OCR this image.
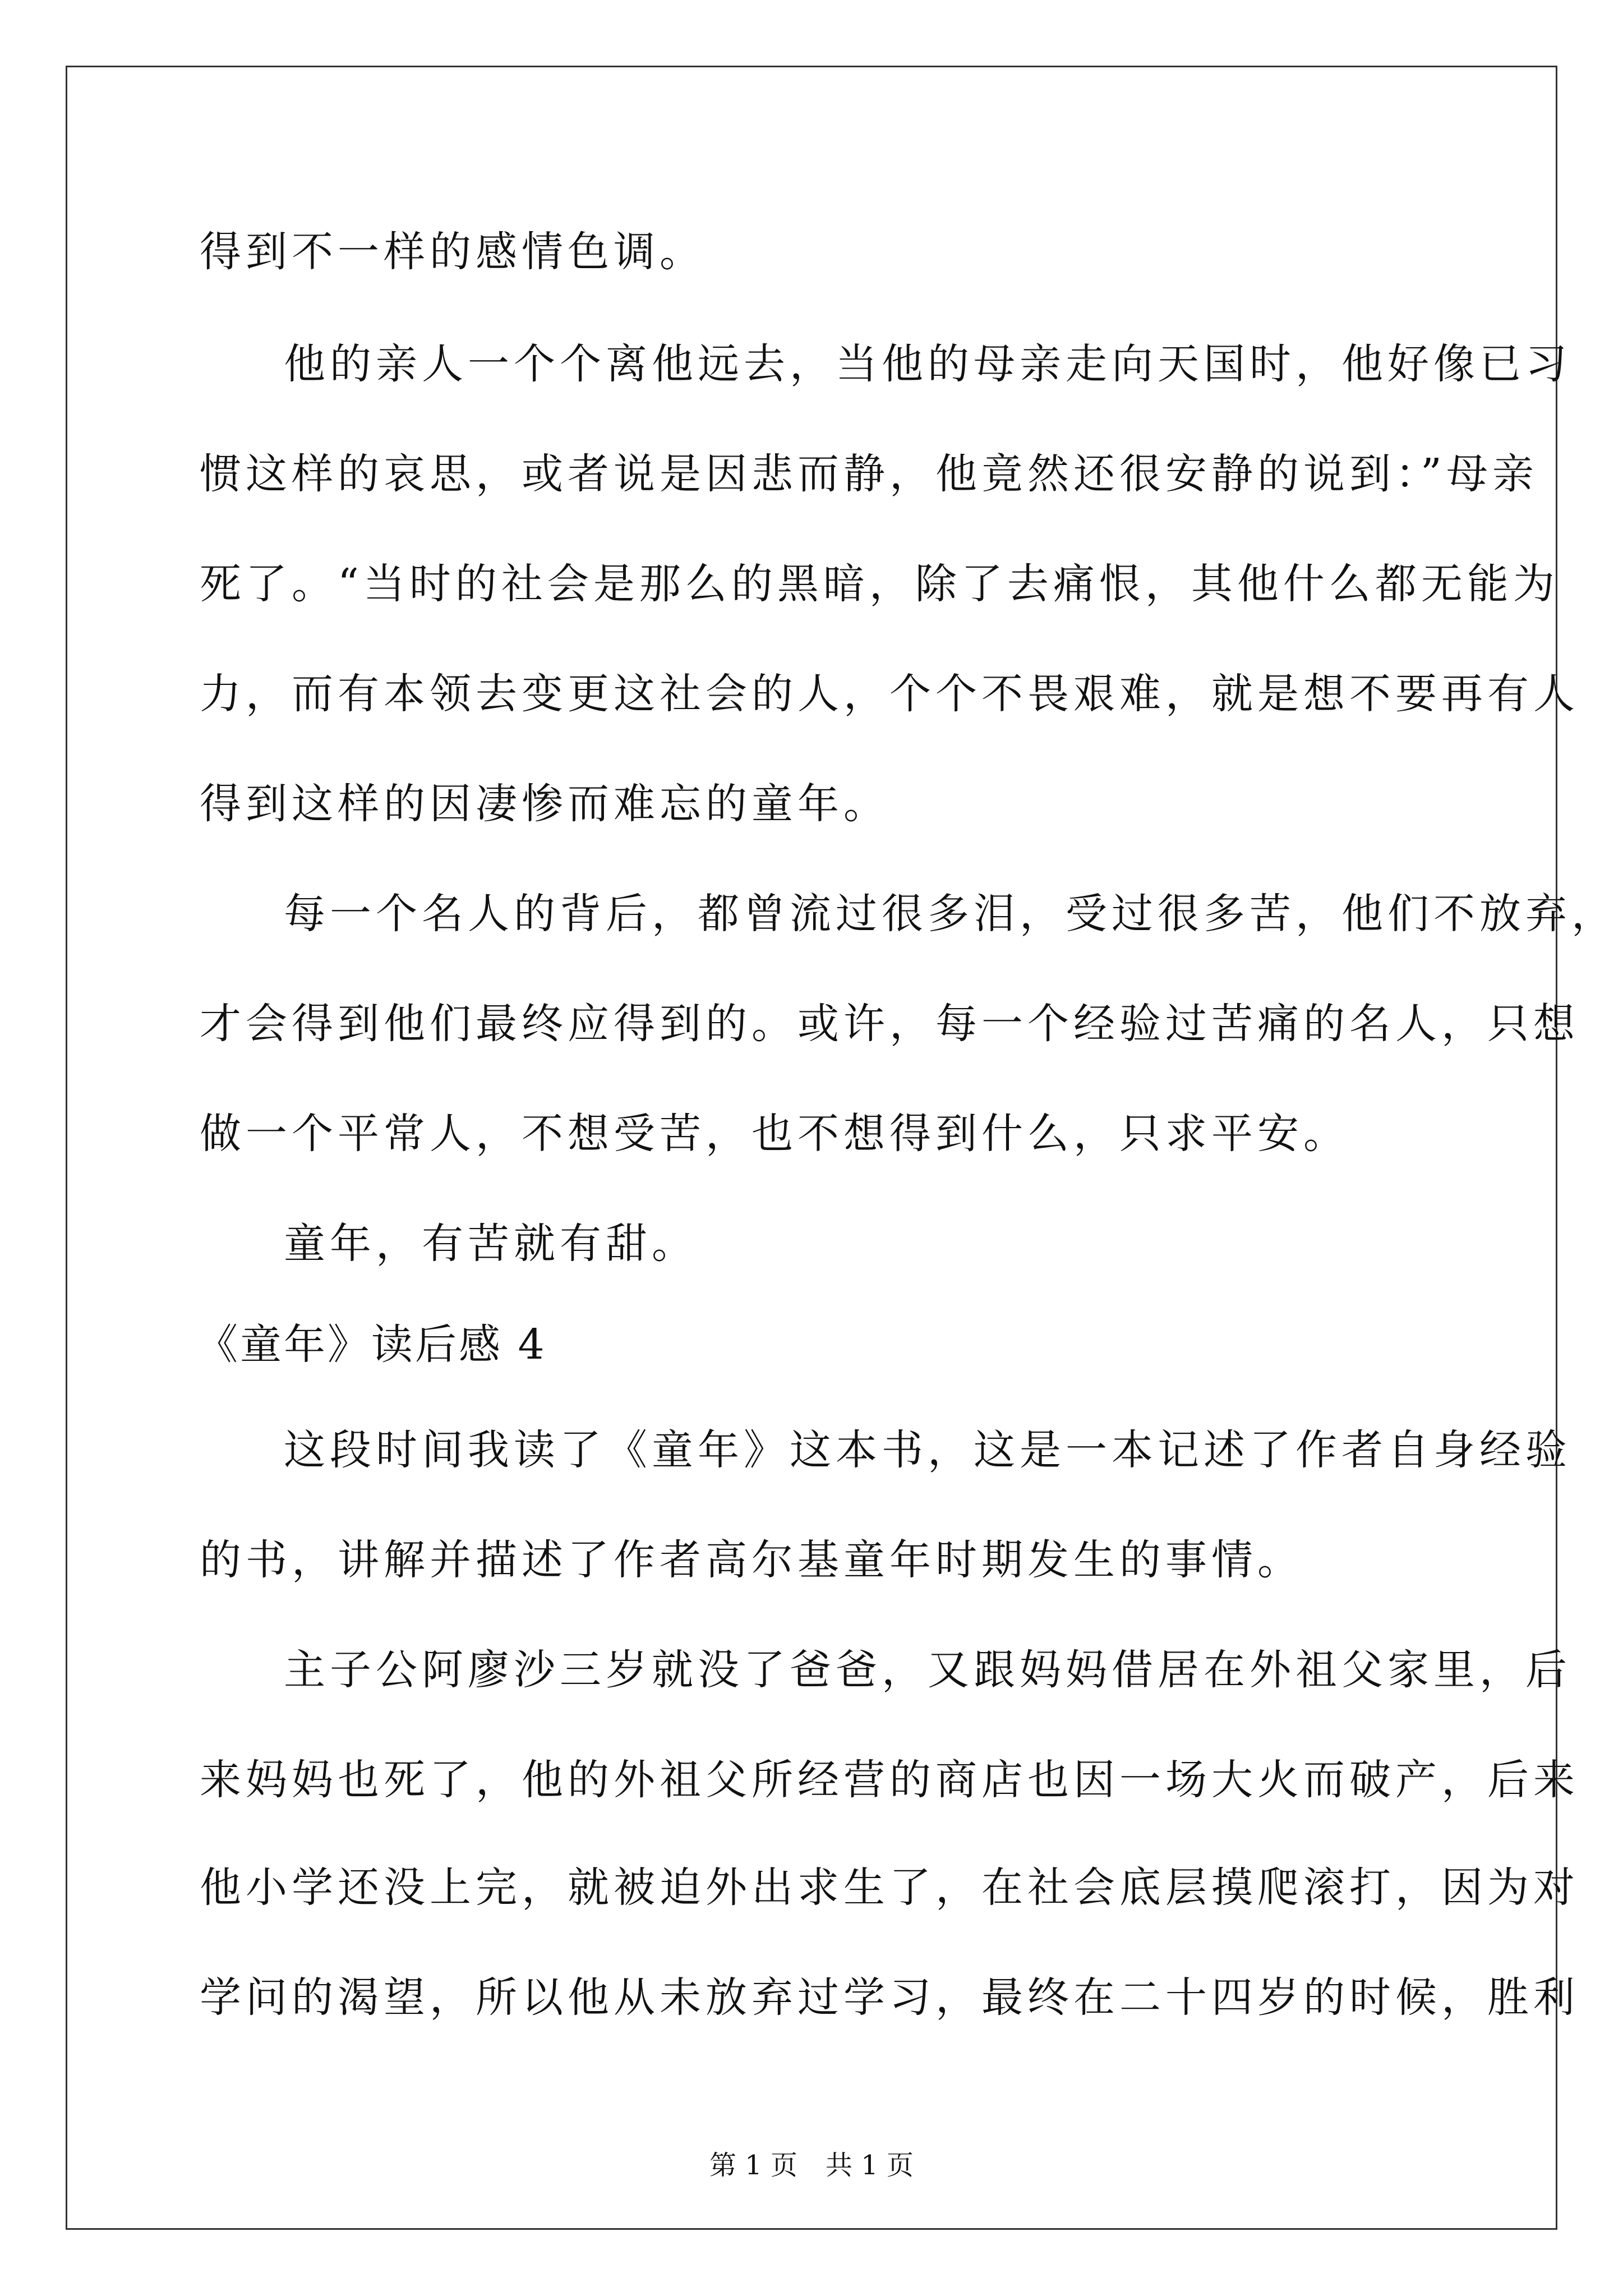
得到不一样的感情色调。
他的亲人一个个离他远去，当他的母亲走向天国时，他好像已习
惯这样的哀思，或者说是因悲而静，他竟然还很安静的说到：”母亲
死了。“当时的社会是那么的黑暗，除了去痛恨，其他什么都无能为
力，而有本领去变更这社会的人，个个不畏艰难，就是想不要再有人
得到这样的因凄惨而难忘的童年。
每一个名人的背后，都曾流过很多泪，受过很多苦，他们不放弃，
才会得到他们最终应得到的。或许，每一个经验过苦痛的名人，只想
做一个平常人，不想受苦，也不想得到什么，只求平安。
童年，有苦就有甜。
《童年》读后感 4
这段时间我读了《童年》这本书，这是一本记述了作者自身经验
的书，讲解并描述了作者高尔基童年时期发生的事情。
主子公阿廖沙三岁就没了爸爸，又跟妈妈借居在外祖父家里，后
来妈妈也死了，他的外祖父所经营的商店也因一场大火而破产，后来
他小学还没上完，就被迫外出求生了，在社会底层摸爬滚打，因为对
学问的渴望，所以他从未放弃过学习，最终在二十四岁的时候，胜利
第 1 页 共 1 页
